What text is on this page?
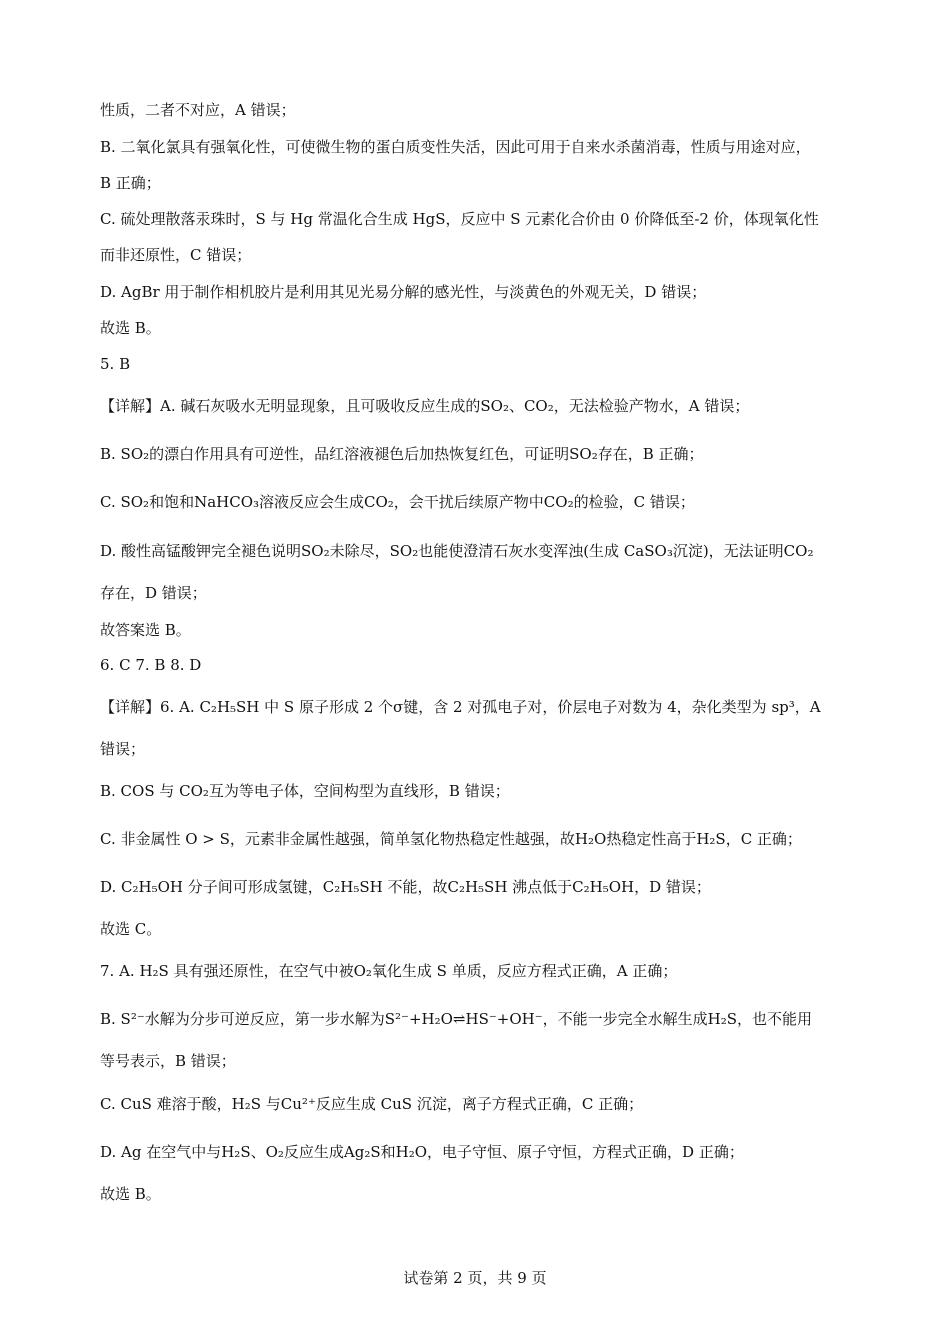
性质，二者不对应，A 错误；
B. 二氧化氯具有强氧化性，可使微生物的蛋白质变性失活，因此可用于自来水杀菌消毒，性质与用途对应，
B 正确；
C. 硫处理散落汞珠时，S 与 Hg 常温化合生成 HgS，反应中 S 元素化合价由 0 价降低至-2 价，体现氧化性
而非还原性，C 错误；
D. AgBr 用于制作相机胶片是利用其见光易分解的感光性，与淡黄色的外观无关，D 错误；
故选 B。
5. B
【详解】A. 碱石灰吸水无明显现象，且可吸收反应生成的SO₂、CO₂，无法检验产物水，A 错误；
B. SO₂的漂白作用具有可逆性，品红溶液褪色后加热恢复红色，可证明SO₂存在，B 正确；
C. SO₂和饱和NaHCO₃溶液反应会生成CO₂，会干扰后续原产物中CO₂的检验，C 错误；
D. 酸性高锰酸钾完全褪色说明SO₂未除尽，SO₂也能使澄清石灰水变浑浊(生成 CaSO₃沉淀)，无法证明CO₂
存在，D 错误；
故答案选 B。
6. C 7. B 8. D
【详解】6. A. C₂H₅SH 中 S 原子形成 2 个σ键，含 2 对孤电子对，价层电子对数为 4，杂化类型为 sp³，A
错误；
B. COS 与 CO₂互为等电子体，空间构型为直线形，B 错误；
C. 非金属性 O > S，元素非金属性越强，简单氢化物热稳定性越强，故H₂O热稳定性高于H₂S，C 正确；
D. C₂H₅OH 分子间可形成氢键，C₂H₅SH 不能，故C₂H₅SH 沸点低于C₂H₅OH，D 错误；
故选 C。
7. A. H₂S 具有强还原性，在空气中被O₂氧化生成 S 单质，反应方程式正确，A 正确；
B. S²⁻水解为分步可逆反应，第一步水解为S²⁻+H₂O⇌HS⁻+OH⁻，不能一步完全水解生成H₂S，也不能用
等号表示，B 错误；
C. CuS 难溶于酸，H₂S 与Cu²⁺反应生成 CuS 沉淀，离子方程式正确，C 正确；
D. Ag 在空气中与H₂S、O₂反应生成Ag₂S和H₂O，电子守恒、原子守恒，方程式正确，D 正确；
故选 B。
试卷第 2 页，共 9 页
